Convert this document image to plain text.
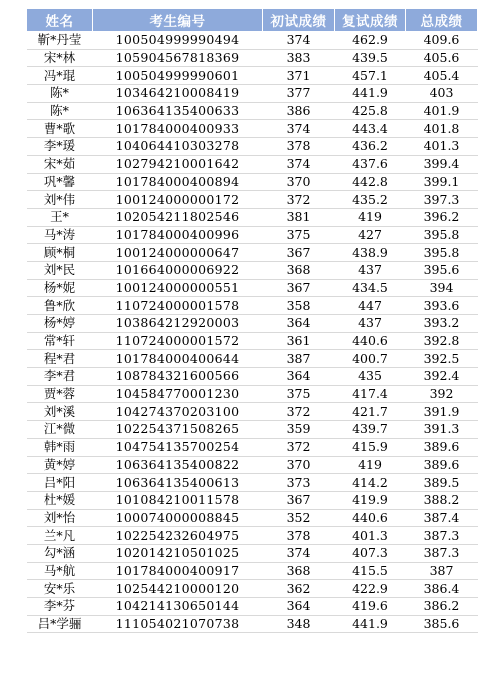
姓名	考生编号	初试成绩	复试成绩	总成绩
靳*丹莹	100504999990494	374	462.9	409.6
宋*林	105904567818369	383	439.5	405.6
冯*琨	100504999990601	371	457.1	405.4
陈*	103464210008419	377	441.9	403
陈*	106364135400633	386	425.8	401.9
曹*歌	101784000400933	374	443.4	401.8
李*瑗	104064410303278	378	436.2	401.3
宋*茹	102794210001642	374	437.6	399.4
巩*馨	101784000400894	370	442.8	399.1
刘*伟	100124000000172	372	435.2	397.3
王*	102054211802546	381	419	396.2
马*涛	101784000400996	375	427	395.8
顾*桐	100124000000647	367	438.9	395.8
刘*民	101664000006922	368	437	395.6
杨*妮	100124000000551	367	434.5	394
鲁*欣	110724000001578	358	447	393.6
杨*婷	103864212920003	364	437	393.2
常*轩	110724000001572	361	440.6	392.8
程*君	101784000400644	387	400.7	392.5
李*君	108784321600566	364	435	392.4
贾*蓉	104584770001230	375	417.4	392
刘*溪	104274370203100	372	421.7	391.9
江*微	102254371508265	359	439.7	391.3
韩*雨	104754135700254	372	415.9	389.6
黄*婷	106364135400822	370	419	389.6
吕*阳	106364135400613	373	414.2	389.5
杜*媛	101084210011578	367	419.9	388.2
刘*怡	100074000008845	352	440.6	387.4
兰*凡	102254232604975	378	401.3	387.3
勾*涵	102014210501025	374	407.3	387.3
马*航	101784000400917	368	415.5	387
安*乐	102544210000120	362	422.9	386.4
李*芬	104214130650144	364	419.6	386.2
吕*学骊	111054021070738	348	441.9	385.6
